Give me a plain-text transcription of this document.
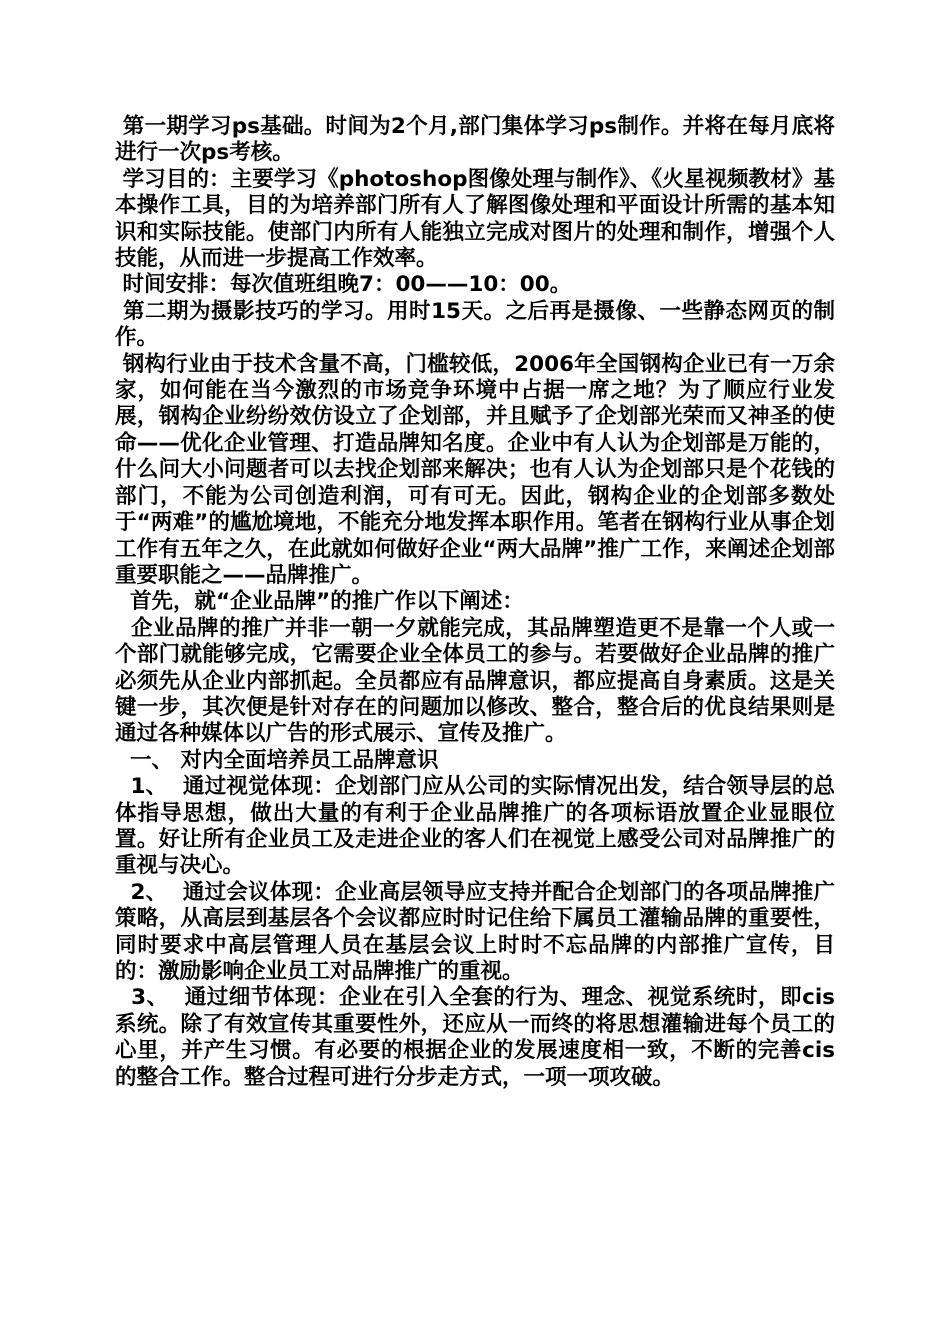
第一期学习ps基础。时间为2个月,部门集体学习ps制作。并将在每月底将进行一次ps考核。

学习目的：主要学习《photoshop图像处理与制作》、《火星视频教材》基本操作工具，目的为培养部门所有人了解图像处理和平面设计所需的基本知识和实际技能。使部门内所有人能独立完成对图片的处理和制作，增强个人技能，从而进一步提高工作效率。

时间安排：每次值班组晚7：00——10：00。

第二期为摄影技巧的学习。用时15天。之后再是摄像、一些静态网页的制作。

钢构行业由于技术含量不高，门槛较低，2006年全国钢构企业已有一万余家，如何能在当今激烈的市场竞争环境中占据一席之地？为了顺应行业发展，钢构企业纷纷效仿设立了企划部，并且赋予了企划部光荣而又神圣的使命——优化企业管理、打造品牌知名度。企业中有人认为企划部是万能的，什么问大小问题者可以去找企划部来解决；也有人认为企划部只是个花钱的部门，不能为公司创造利润，可有可无。因此，钢构企业的企划部多数处于“两难”的尴尬境地，不能充分地发挥本职作用。笔者在钢构行业从事企划工作有五年之久，在此就如何做好企业“两大品牌”推广工作，来阐述企划部重要职能之——品牌推广。

首先，就“企业品牌”的推广作以下阐述：

企业品牌的推广并非一朝一夕就能完成，其品牌塑造更不是靠一个人或一个部门就能够完成，它需要企业全体员工的参与。若要做好企业品牌的推广必须先从企业内部抓起。全员都应有品牌意识，都应提高自身素质。这是关键一步，其次便是针对存在的问题加以修改、整合，整合后的优良结果则是通过各种媒体以广告的形式展示、宣传及推广。

一、 对内全面培养员工品牌意识

1、  通过视觉体现：企划部门应从公司的实际情况出发，结合领导层的总体指导思想，做出大量的有利于企业品牌推广的各项标语放置企业显眼位置。好让所有企业员工及走进企业的客人们在视觉上感受公司对品牌推广的重视与决心。

2、  通过会议体现：企业高层领导应支持并配合企划部门的各项品牌推广策略，从高层到基层各个会议都应时时记住给下属员工灌输品牌的重要性，同时要求中高层管理人员在基层会议上时时不忘品牌的内部推广宣传，目的：激励影响企业员工对品牌推广的重视。

3、  通过细节体现：企业在引入全套的行为、理念、视觉系统时，即cis系统。除了有效宣传其重要性外，还应从一而终的将思想灌输进每个员工的心里，并产生习惯。有必要的根据企业的发展速度相一致，不断的完善cis的整合工作。整合过程可进行分步走方式，一项一项攻破。
